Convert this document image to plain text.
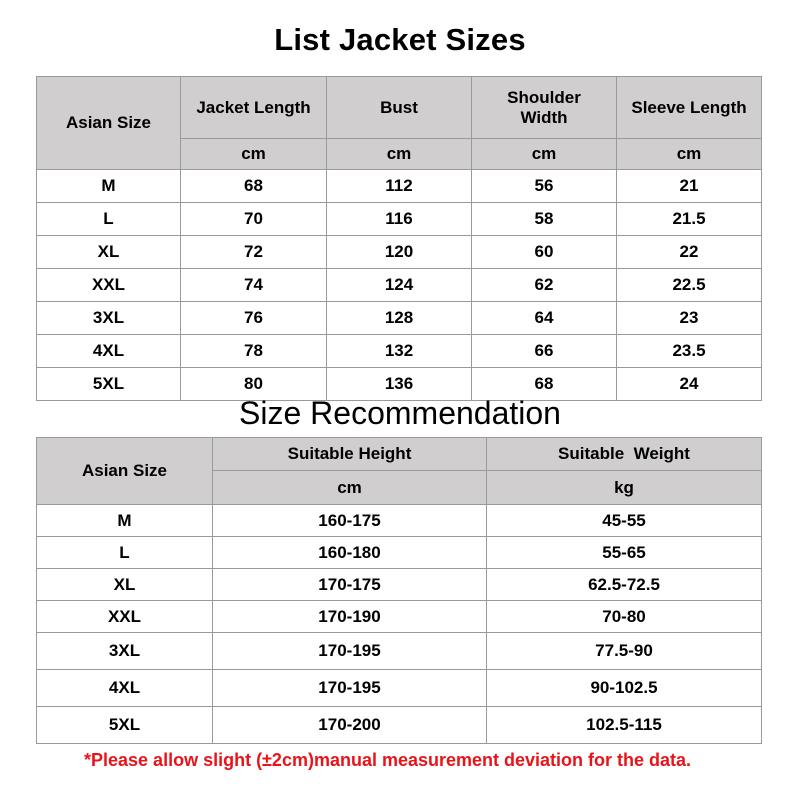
List Jacket Sizes
Asian Size	Jacket Length	Bust	Shoulder Width	Sleeve Length
	cm	cm	cm	cm
M	68	112	56	21
L	70	116	58	21.5
XL	72	120	60	22
XXL	74	124	62	22.5
3XL	76	128	64	23
4XL	78	132	66	23.5
5XL	80	136	68	24
Size Recommendation
Asian Size	Suitable Height	Suitable  Weight
	cm	kg
M	160-175	45-55
L	160-180	55-65
XL	170-175	62.5-72.5
XXL	170-190	70-80
3XL	170-195	77.5-90
4XL	170-195	90-102.5
5XL	170-200	102.5-115
*Please allow slight (±2cm)manual measurement deviation for the data.
